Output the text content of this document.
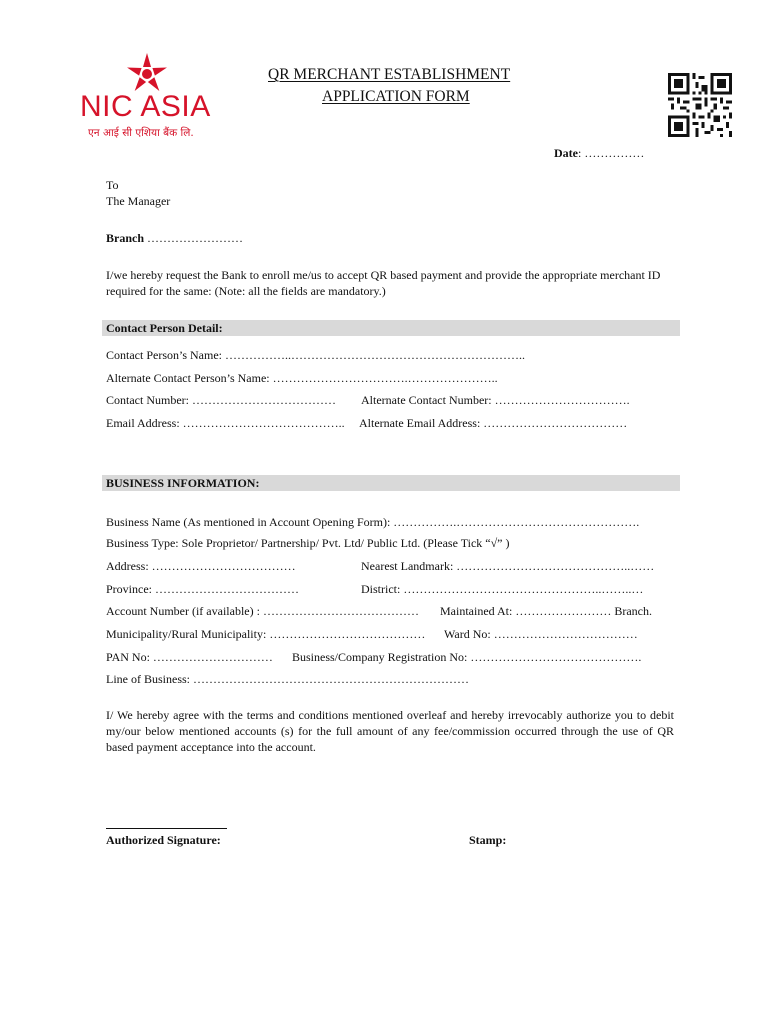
NIC ASIA
एन आई सी एशिया बैंक लि.
QR MERCHANT ESTABLISHMENT
APPLICATION FORM
Date: ……………
To
The Manager
Branch ……………………
I/we hereby request the Bank to enroll me/us to accept QR based payment and provide the appropriate merchant ID required for the same: (Note: all the fields are mandatory.)
Contact Person Detail:
Contact Person’s Name: ……………..…………………………………………………..
Alternate Contact Person’s Name: …………………………….…………………..
Contact Number: ……………………………… Alternate Contact Number: …………………………….
Email Address: ………………………………….. Alternate Email Address: ………………………………
BUSINESS INFORMATION:
Business Name (As mentioned in Account Opening Form): …………….……………………………………….
Business Type: Sole Proprietor/ Partnership/ Pvt. Ltd/ Public Ltd. (Please Tick “√” )
Address: ………………………………	Nearest Landmark: ……………………………………..……
Province: ………………………………	District: …………………………………………..……..…
Account Number (if available) : ………………………………… Maintained At: …………………… Branch.
Municipality/Rural Municipality: ………………………………… Ward No: ………………………………
PAN No: ………………………… Business/Company Registration No: …………………………………….
Line of Business: ……………………………………………………………
I/ We hereby agree with the terms and conditions mentioned overleaf and hereby irrevocably authorize you to debit my/our below mentioned accounts (s) for the full amount of any fee/commission occurred through the use of QR based payment acceptance into the account.
Authorized Signature:	Stamp:
